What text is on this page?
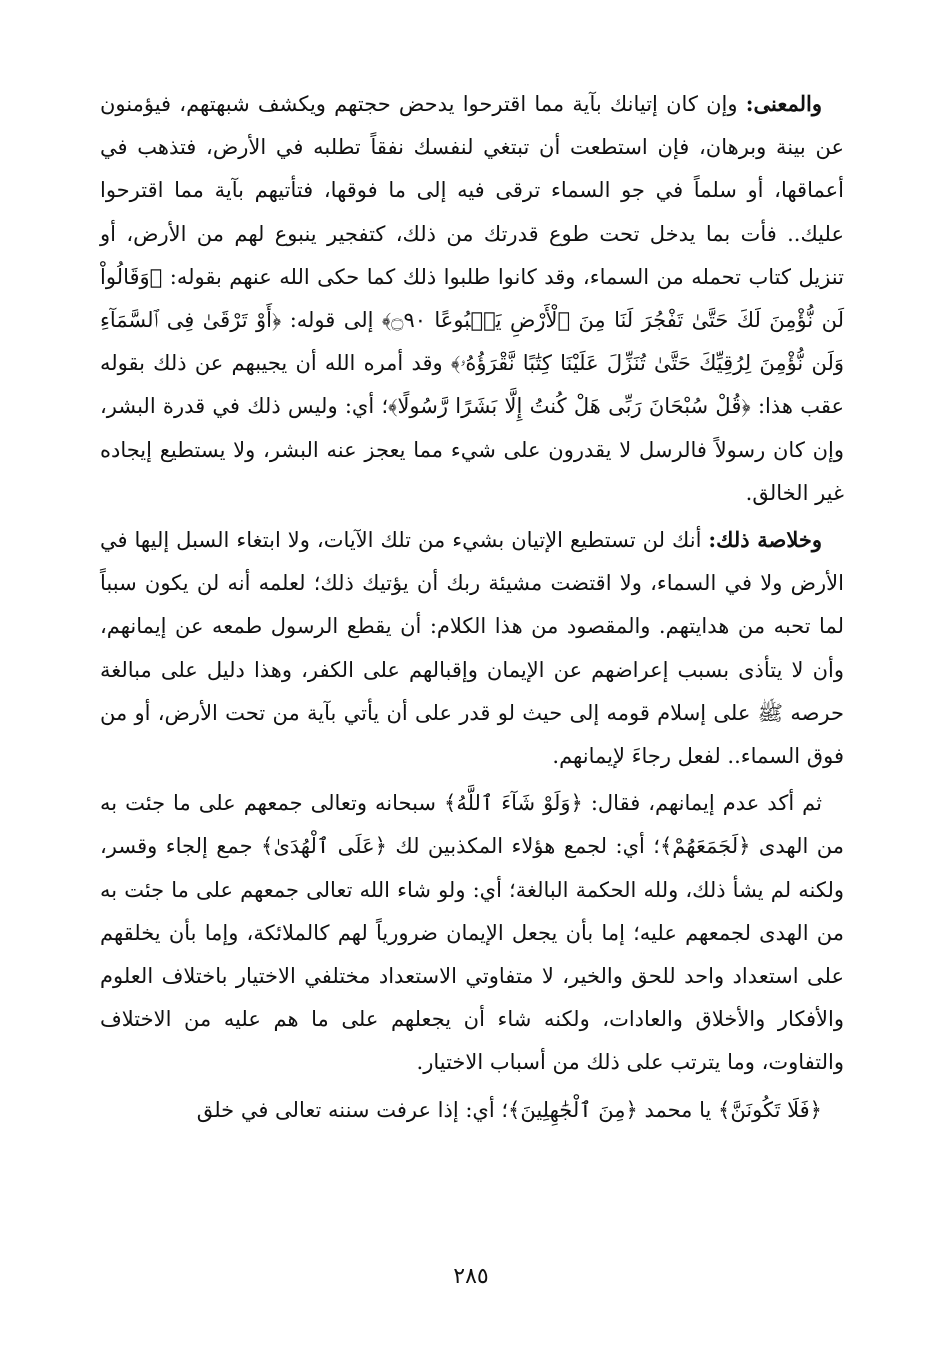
والمعنى: وإن كان إتيانك بآية مما اقترحوا يدحض حجتهم ويكشف شبهتهم، فيؤمنون عن بينة وبرهان، فإن استطعت أن تبتغي لنفسك نفقاً تطلبه في الأرض، فتذهب في أعماقها، أو سلماً في جو السماء ترقى فيه إلى ما فوقها، فتأتيهم بآية مما اقترحوا عليك.. فأت بما يدخل تحت طوع قدرتك من ذلك، كتفجير ينبوع لهم من الأرض، أو تنزيل كتاب تحمله من السماء، وقد كانوا طلبوا ذلك كما حكى الله عنهم بقوله: ﴿وَقَالُواْ لَن نُّؤْمِنَ لَكَ حَتَّىٰ تَفْجُرَ لَنَا مِنَ ٱلْأَرْضِ يَنۢبُوعًا ۝٩٠﴾ إلى قوله: ﴿أَوْ تَرْقَىٰ فِى ٱلسَّمَآءِ وَلَن نُّؤْمِنَ لِرُقِيِّكَ حَتَّىٰ تُنَزِّلَ عَلَيْنَا كِتَٰبًا نَّقْرَؤُهُۥ﴾ وقد أمره الله أن يجيبهم عن ذلك بقوله عقب هذا: ﴿قُلْ سُبْحَانَ رَبِّى هَلْ كُنتُ إِلَّا بَشَرًا رَّسُولًا﴾؛ أي: وليس ذلك في قدرة البشر، وإن كان رسولاً فالرسل لا يقدرون على شيء مما يعجز عنه البشر، ولا يستطيع إيجاده غير الخالق.

وخلاصة ذلك: أنك لن تستطيع الإتيان بشيء من تلك الآيات، ولا ابتغاء السبل إليها في الأرض ولا في السماء، ولا اقتضت مشيئة ربك أن يؤتيك ذلك؛ لعلمه أنه لن يكون سبباً لما تحبه من هدايتهم. والمقصود من هذا الكلام: أن يقطع الرسول طمعه عن إيمانهم، وأن لا يتأذى بسبب إعراضهم عن الإيمان وإقبالهم على الكفر، وهذا دليل على مبالغة حرصه ﷺ على إسلام قومه إلى حيث لو قدر على أن يأتي بآية من تحت الأرض، أو من فوق السماء.. لفعل رجاءَ لإيمانهم.

ثم أكد عدم إيمانهم، فقال: ﴿وَلَوْ شَآءَ ٱللَّهُ﴾ سبحانه وتعالى جمعهم على ما جئت به من الهدى ﴿لَجَمَعَهُمْ﴾؛ أي: لجمع هؤلاء المكذبين لك ﴿عَلَى ٱلْهُدَىٰ﴾ جمع إلجاء وقسر، ولكنه لم يشأ ذلك، ولله الحكمة البالغة؛ أي: ولو شاء الله تعالى جمعهم على ما جئت به من الهدى لجمعهم عليه؛ إما بأن يجعل الإيمان ضرورياً لهم كالملائكة، وإما بأن يخلقهم على استعداد واحد للحق والخير، لا متفاوتي الاستعداد مختلفي الاختيار باختلاف العلوم والأفكار والأخلاق والعادات، ولكنه شاء أن يجعلهم على ما هم عليه من الاختلاف والتفاوت، وما يترتب على ذلك من أسباب الاختيار.

﴿فَلَا تَكُونَنَّ﴾ يا محمد ﴿مِنَ ٱلْجَٰهِلِينَ﴾؛ أي: إذا عرفت سننه تعالى في خلق

٢٨٥
